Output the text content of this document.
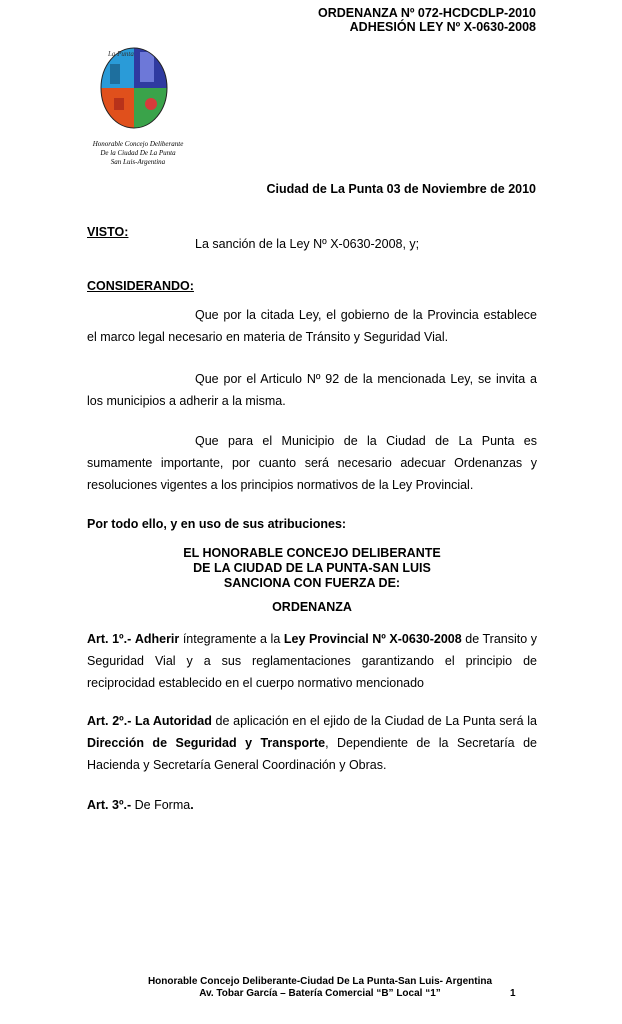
ORDENANZA Nº 072-HCDCDLP-2010
ADHESIÓN LEY Nº X-0630-2008
La Punta
Honorable Concejo Deliberante
De la Ciudad De La Punta
San Luis-Argentina
Ciudad de La Punta 03 de Noviembre de 2010
VISTO:
La sanción de la Ley Nº X-0630-2008, y;
CONSIDERANDO:
Que por la citada Ley, el gobierno de la Provincia establece el marco legal necesario en materia de Tránsito y Seguridad Vial.
Que por el Articulo Nº 92 de la mencionada Ley, se invita a los municipios a adherir a la misma.
Que para el Municipio de la Ciudad de La Punta es sumamente importante, por cuanto será necesario adecuar Ordenanzas y resoluciones vigentes a los principios normativos de la Ley Provincial.
Por todo ello, y en uso de sus atribuciones:
EL HONORABLE CONCEJO DELIBERANTE
DE LA CIUDAD DE LA PUNTA-SAN LUIS
SANCIONA CON FUERZA DE:
ORDENANZA
Art. 1º.- Adherir íntegramente a la Ley Provincial Nº X-0630-2008 de Transito y Seguridad Vial y a sus reglamentaciones garantizando el principio de reciprocidad establecido en el cuerpo normativo mencionado
Art. 2º.- La Autoridad de aplicación en el ejido de la Ciudad de La Punta será la Dirección de Seguridad y Transporte, Dependiente de la Secretaría de Hacienda y Secretaría General Coordinación y Obras.
Art. 3º.- De Forma.
Honorable Concejo Deliberante-Ciudad De La Punta-San Luis- Argentina
Av. Tobar García – Batería Comercial “B” Local “1”	1
